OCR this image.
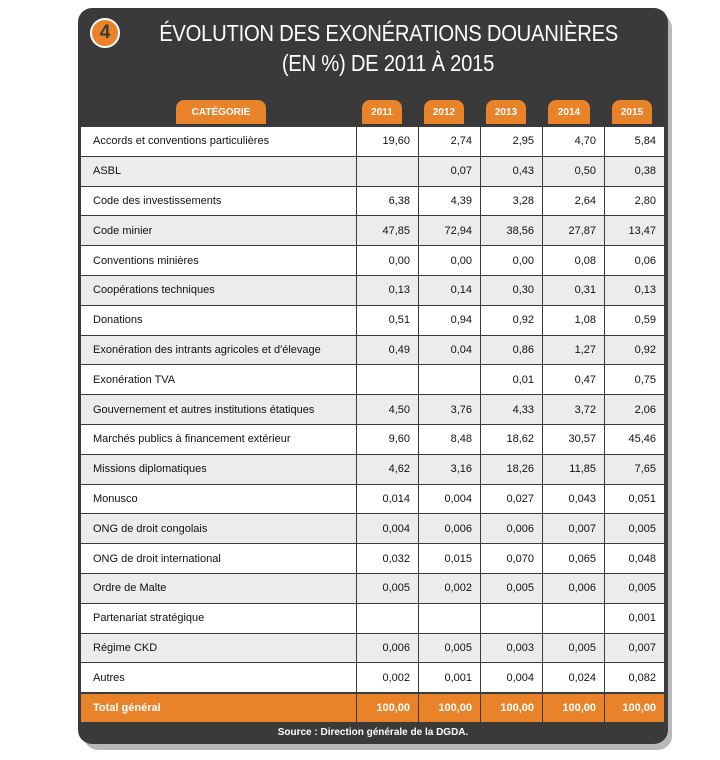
4	ÉVOLUTION DES EXONÉRATIONS DOUANIÈRES
(EN %) DE 2011 À 2015
CATÉGORIE	2011	2012	2013	2014	2015
Accords et conventions particulières	19,60	2,74	2,95	4,70	5,84
ASBL		0,07	0,43	0,50	0,38
Code des investissements	6,38	4,39	3,28	2,64	2,80
Code minier	47,85	72,94	38,56	27,87	13,47
Conventions minières	0,00	0,00	0,00	0,08	0,06
Coopérations techniques	0,13	0,14	0,30	0,31	0,13
Donations	0,51	0,94	0,92	1,08	0,59
Exonération des intrants agricoles et d'élevage	0,49	0,04	0,86	1,27	0,92
Exonération TVA			0,01	0,47	0,75
Gouvernement et autres institutions étatiques	4,50	3,76	4,33	3,72	2,06
Marchés publics à financement extérieur	9,60	8,48	18,62	30,57	45,46
Missions diplomatiques	4,62	3,16	18,26	11,85	7,65
Monusco	0,014	0,004	0,027	0,043	0,051
ONG de droit congolais	0,004	0,006	0,006	0,007	0,005
ONG de droit international	0,032	0,015	0,070	0,065	0,048
Ordre de Malte	0,005	0,002	0,005	0,006	0,005
Partenariat stratégique					0,001
Régime CKD	0,006	0,005	0,003	0,005	0,007
Autres	0,002	0,001	0,004	0,024	0,082
Total général	100,00	100,00	100,00	100,00	100,00
Source : Direction générale de la DGDA.
